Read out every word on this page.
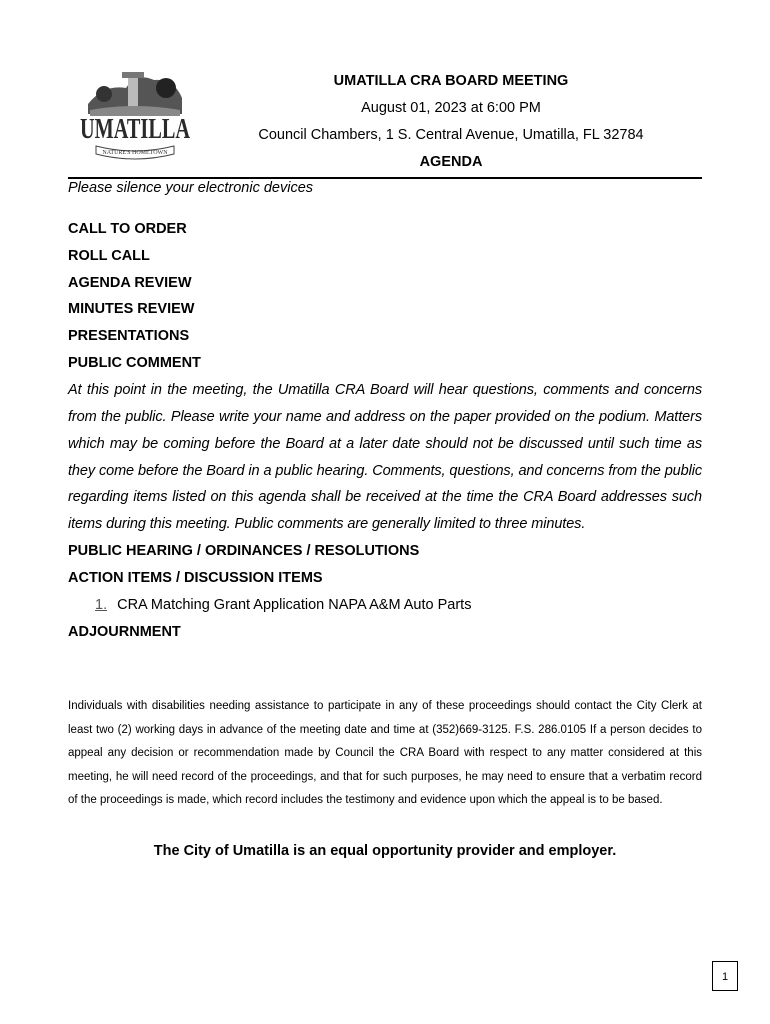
UMATILLA
NATURE'S HOMETOWN
UMATILLA CRA BOARD MEETING
August 01, 2023 at 6:00 PM
Council Chambers, 1 S. Central Avenue, Umatilla, FL 32784
AGENDA
Please silence your electronic devices
CALL TO ORDER
ROLL CALL
AGENDA REVIEW
MINUTES REVIEW
PRESENTATIONS
PUBLIC COMMENT
At this point in the meeting, the Umatilla CRA Board will hear questions, comments and concerns from the public. Please write your name and address on the paper provided on the podium. Matters which may be coming before the Board at a later date should not be discussed until such time as they come before the Board in a public hearing. Comments, questions, and concerns from the public regarding items listed on this agenda shall be received at the time the CRA Board addresses such items during this meeting. Public comments are generally limited to three minutes.
PUBLIC HEARING / ORDINANCES / RESOLUTIONS
ACTION ITEMS / DISCUSSION ITEMS
1. CRA Matching Grant Application NAPA A&M Auto Parts
ADJOURNMENT
Individuals with disabilities needing assistance to participate in any of these proceedings should contact the City Clerk at least two (2) working days in advance of the meeting date and time at (352)669-3125. F.S. 286.0105 If a person decides to appeal any decision or recommendation made by Council the CRA Board with respect to any matter considered at this meeting, he will need record of the proceedings, and that for such purposes, he may need to ensure that a verbatim record of the proceedings is made, which record includes the testimony and evidence upon which the appeal is to be based.
The City of Umatilla is an equal opportunity provider and employer.
1
